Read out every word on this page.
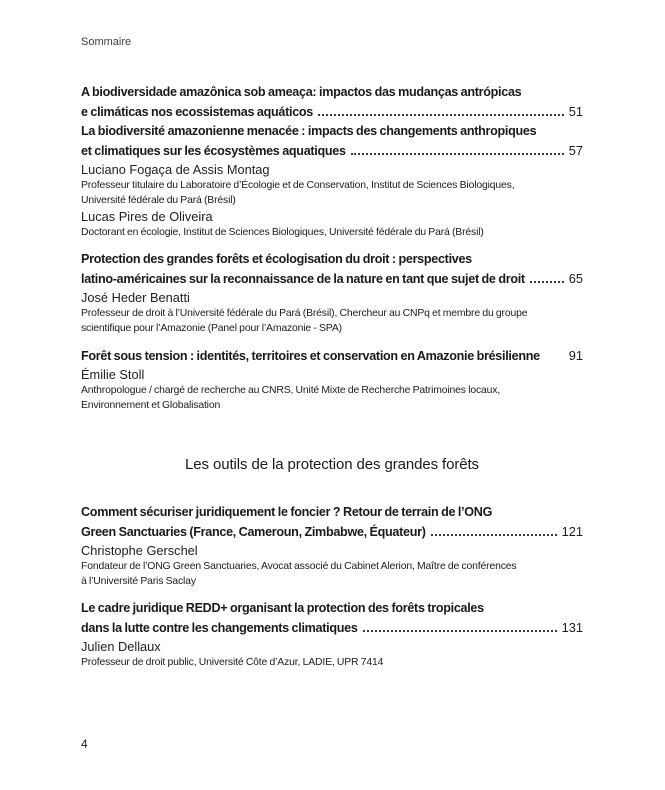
Sommaire
A biodiversidade amazônica sob ameaça: impactos das mudanças antrópicas
e climáticas nos ecossistemas aquáticos	51
La biodiversité amazonienne menacée : impacts des changements anthropiques
et climatiques sur les écosystèmes aquatiques	57
Luciano Fogaça de Assis Montag
Professeur titulaire du Laboratoire d’Écologie et de Conservation, Institut de Sciences Biologiques,
Université fédérale du Pará (Brésil)
Lucas Pires de Oliveira
Doctorant en écologie, Institut de Sciences Biologiques, Université fédérale du Pará (Brésil)
Protection des grandes forêts et écologisation du droit : perspectives
latino-américaines sur la reconnaissance de la nature en tant que sujet de droit	65
José Heder Benatti
Professeur de droit à l’Université fédérale du Pará (Brésil), Chercheur au CNPq et membre du groupe
scientifique pour l’Amazonie (Panel pour l’Amazonie - SPA)
Forêt sous tension : identités, territoires et conservation en Amazonie brésilienne 91
Émilie Stoll
Anthropologue / chargé de recherche au CNRS, Unité Mixte de Recherche Patrimoines locaux,
Environnement et Globalisation
Les outils de la protection des grandes forêts
Comment sécuriser juridiquement le foncier ? Retour de terrain de l’ONG
Green Sanctuaries (France, Cameroun, Zimbabwe, Équateur)	121
Christophe Gerschel
Fondateur de l’ONG Green Sanctuaries, Avocat associé du Cabinet Alerion, Maître de conférences
à l’Université Paris Saclay
Le cadre juridique REDD+ organisant la protection des forêts tropicales
dans la lutte contre les changements climatiques	131
Julien Dellaux
Professeur de droit public, Université Côte d’Azur, LADIE, UPR 7414
4
